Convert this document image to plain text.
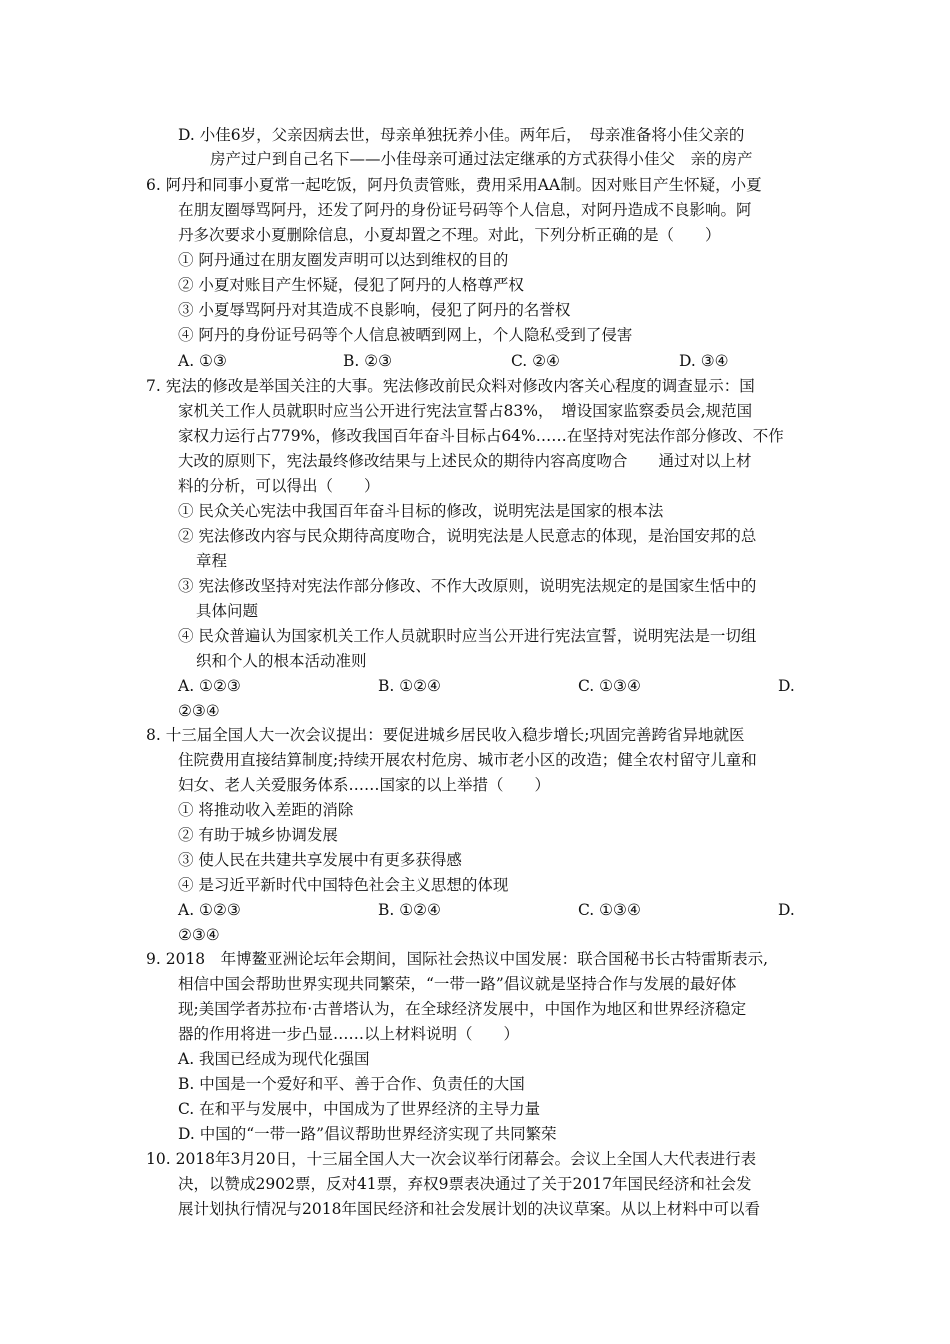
D. 小佳6岁，父亲因病去世，母亲单独抚养小佳。两年后，　母亲准备将小佳父亲的
房产过户到自己名下——小佳母亲可通过法定继承的方式获得小佳父　亲的房产
6. 阿丹和同事小夏常一起吃饭，阿丹负责管账，费用采用AA制。因对账目产生怀疑，小夏
在朋友圈辱骂阿丹，还发了阿丹的身份证号码等个人信息，对阿丹造成不良影响。阿
丹多次要求小夏删除信息，小夏却置之不理。对此，下列分析正确的是（　　）
① 阿丹通过在朋友圈发声明可以达到维权的目的
② 小夏对账目产生怀疑，侵犯了阿丹的人格尊严权
③ 小夏辱骂阿丹对其造成不良影响，侵犯了阿丹的名誉权
④ 阿丹的身份证号码等个人信息被晒到网上，个人隐私受到了侵害
A. ①③	B. ②③	C. ②④	D. ③④
7. 宪法的修改是举国关注的大事。宪法修改前民众料对修改内客关心程度的调查显示：国
家机关工作人员就职时应当公开进行宪法宣誓占83%，　增设国家监察委员会,规范国
家权力运行占779%，修改我国百年奋斗目标占64%……在坚持对宪法作部分修改、不作
大改的原则下，宪法最终修改结果与上述民众的期待内容高度吻合　　通过对以上材
料的分析，可以得出（　　）
① 民众关心宪法中我国百年奋斗目标的修改，说明宪法是国家的根本法
② 宪法修改内容与民众期待高度吻合，说明宪法是人民意志的体现，是治国安邦的总
章程
③ 宪法修改坚持对宪法作部分修改、不作大改原则，说明宪法规定的是国家生恬中的
具体问题
④ 民众普遍认为国家机关工作人员就职时应当公开进行宪法宣誓，说明宪法是一切组
织和个人的根本活动准则
A. ①②③	B. ①②④	C. ①③④	D.
②③④
8. 十三届全国人大一次会议提出：要促进城乡居民收入稳步增长;巩固完善跨省异地就医
住院费用直接结算制度;持续开展农村危房、城市老小区的改造；健全农村留守儿童和
妇女、老人关爱服务体系……国家的以上举措（　　）
① 将推动收入差距的消除
② 有助于城乡协调发展
③ 使人民在共建共享发展中有更多获得感
④ 是习近平新时代中国特色社会主义思想的体现
A. ①②③	B. ①②④	C. ①③④	D.
②③④
9. 2018　年博鳌亚洲论坛年会期间，国际社会热议中国发展：联合国秘书长古特雷斯表示,
相信中国会帮助世界实现共同繁荣，“一带一路”倡议就是坚持合作与发展的最好体
现;美国学者苏拉布·古普塔认为，在全球经济发展中，中国作为地区和世界经济稳定
器的作用将进一步凸显……以上材料说明（　　）
A. 我国已经成为现代化强国
B. 中国是一个爱好和平、善于合作、负责任的大国
C. 在和平与发展中，中国成为了世界经济的主导力量
D. 中国的“一带一路”倡议帮助世界经济实现了共同繁荣
10. 2018年3月20日，十三届全国人大一次会议举行闭幕会。会议上全国人大代表进行表
决，以赞成2902票，反对41票，弃权9票表决通过了关于2017年国民经济和社会发
展计划执行情况与2018年国民经济和社会发展计划的决议草案。从以上材料中可以看
